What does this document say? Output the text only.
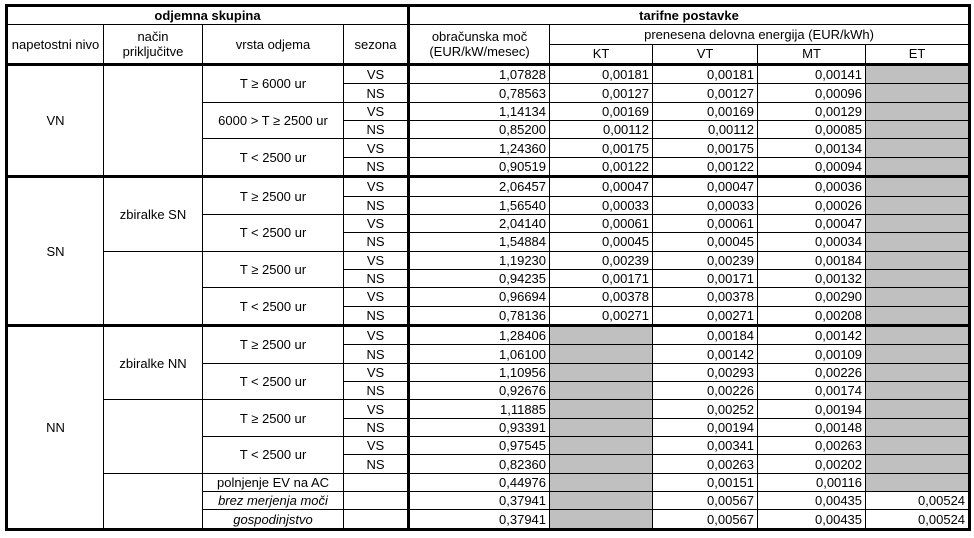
odjemna skupina				tarifne postavke				
napetostni nivo	način priključitve	vrsta odjema	sezona	obračunska moč (EUR/kW/mesec)	prenesena delovna energija (EUR/kWh)			
					KT	VT	MT	ET
VN		T ≥ 6000 ur	VS	1,07828	0,00181	0,00181	0,00141	
			NS	0,78563	0,00127	0,00127	0,00096	
		6000 > T ≥ 2500 ur	VS	1,14134	0,00169	0,00169	0,00129	
			NS	0,85200	0,00112	0,00112	0,00085	
		T < 2500 ur	VS	1,24360	0,00175	0,00175	0,00134	
			NS	0,90519	0,00122	0,00122	0,00094	
SN	zbiralke SN	T ≥ 2500 ur	VS	2,06457	0,00047	0,00047	0,00036	
			NS	1,56540	0,00033	0,00033	0,00026	
		T < 2500 ur	VS	2,04140	0,00061	0,00061	0,00047	
			NS	1,54884	0,00045	0,00045	0,00034	
		T ≥ 2500 ur	VS	1,19230	0,00239	0,00239	0,00184	
			NS	0,94235	0,00171	0,00171	0,00132	
		T < 2500 ur	VS	0,96694	0,00378	0,00378	0,00290	
			NS	0,78136	0,00271	0,00271	0,00208	
NN	zbiralke NN	T ≥ 2500 ur	VS	1,28406		0,00184	0,00142	
			NS	1,06100		0,00142	0,00109	
		T < 2500 ur	VS	1,10956		0,00293	0,00226	
			NS	0,92676		0,00226	0,00174	
		T ≥ 2500 ur	VS	1,11885		0,00252	0,00194	
			NS	0,93391		0,00194	0,00148	
		T < 2500 ur	VS	0,97545		0,00341	0,00263	
			NS	0,82360		0,00263	0,00202	
		polnjenje EV na AC		0,44976		0,00151	0,00116	
		brez merjenja moči		0,37941		0,00567	0,00435	0,00524
		gospodinjstvo		0,37941		0,00567	0,00435	0,00524
